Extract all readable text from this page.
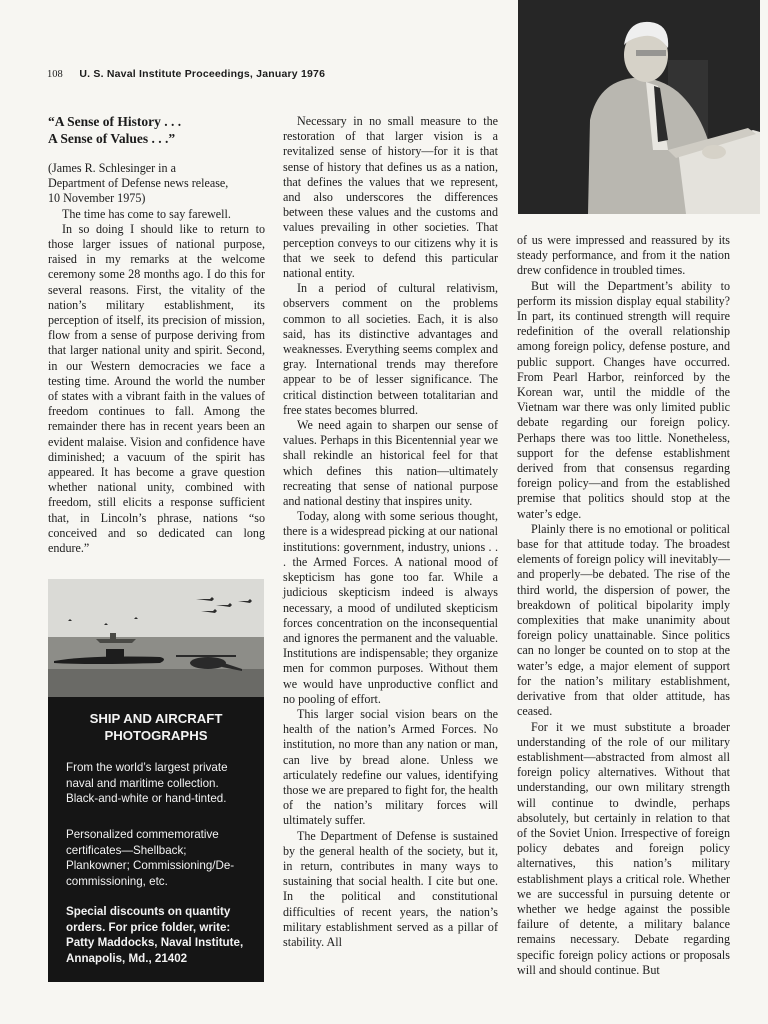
108 U. S. Naval Institute Proceedings, January 1976

“A Sense of History . . .
A Sense of Values . . .”

(James R. Schlesinger in a
Department of Defense news release,
10 November 1975)

The time has come to say farewell.

In so doing I should like to return to those larger issues of national purpose, raised in my remarks at the welcome ceremony some 28 months ago. I do this for several reasons. First, the vitality of the nation’s military establishment, its perception of itself, its precision of mission, flow from a sense of purpose deriving from that larger national unity and spirit. Second, in our Western democracies we face a testing time. Around the world the number of states with a vibrant faith in the values of freedom continues to fall. Among the remainder there has in recent years been an evident malaise. Vision and confidence have diminished; a vacuum of the spirit has appeared. It has become a grave question whether national unity, combined with freedom, still elicits a response sufficient that, in Lincoln’s phrase, nations “so conceived and so dedicated can long endure.”

SHIP AND AIRCRAFT
PHOTOGRAPHS
From the world’s largest private naval and maritime collection. Black-and-white or hand-tinted.
Personalized commemorative certificates—Shellback; Plankowner; Commissioning/De-commissioning, etc.
Special discounts on quantity orders. For price folder, write: Patty Maddocks, Naval Institute, Annapolis, Md., 21402

Necessary in no small measure to the restoration of that larger vision is a revitalized sense of history—for it is that sense of history that defines us as a nation, that defines the values that we represent, and also underscores the differences between these values and the customs and values prevailing in other societies. That perception conveys to our citizens why it is that we seek to defend this particular national entity.

In a period of cultural relativism, observers comment on the problems common to all societies. Each, it is also said, has its distinctive advantages and weaknesses. Everything seems complex and gray. International trends may therefore appear to be of lesser significance. The critical distinction between totalitarian and free states becomes blurred.

We need again to sharpen our sense of values. Perhaps in this Bicentennial year we shall rekindle an historical feel for that which defines this nation—ultimately recreating that sense of national purpose and national destiny that inspires unity.

Today, along with some serious thought, there is a widespread picking at our national institutions: government, industry, unions . . . the Armed Forces. A national mood of skepticism has gone too far. While a judicious skepticism indeed is always necessary, a mood of undiluted skepticism forces concentration on the inconsequential and ignores the permanent and the valuable. Institutions are indispensable; they organize men for common purposes. Without them we would have unproductive conflict and no pooling of effort.

This larger social vision bears on the health of the nation’s Armed Forces. No institution, no more than any nation or man, can live by bread alone. Unless we articulately redefine our values, identifying those we are prepared to fight for, the health of the nation’s military forces will ultimately suffer.

The Department of Defense is sustained by the general health of the society, but it, in return, contributes in many ways to sustaining that social health. I cite but one. In the political and constitutional difficulties of recent years, the nation’s military establishment served as a pillar of stability. All

of us were impressed and reassured by its steady performance, and from it the nation drew confidence in troubled times.

But will the Department’s ability to perform its mission display equal stability? In part, its continued strength will require redefinition of the overall relationship among foreign policy, defense posture, and public support. Changes have occurred. From Pearl Harbor, reinforced by the Korean war, until the middle of the Vietnam war there was only limited public debate regarding our foreign policy. Perhaps there was too little. Nonetheless, support for the defense establishment derived from that consensus regarding foreign policy—and from the established premise that politics should stop at the water’s edge.

Plainly there is no emotional or political base for that attitude today. The broadest elements of foreign policy will inevitably—and properly—be debated. The rise of the third world, the dispersion of power, the breakdown of political bipolarity imply complexities that make unanimity about foreign policy unattainable. Since politics can no longer be counted on to stop at the water’s edge, a major element of support for the nation’s military establishment, derivative from that older attitude, has ceased.

For it we must substitute a broader understanding of the role of our military establishment—abstracted from almost all foreign policy alternatives. Without that understanding, our own military strength will continue to dwindle, perhaps absolutely, but certainly in relation to that of the Soviet Union. Irrespective of foreign policy debates and foreign policy alternatives, this nation’s military establishment plays a critical role. Whether we are successful in pursuing detente or whether we hedge against the possible failure of detente, a military balance remains necessary. Debate regarding specific foreign policy actions or proposals will and should continue. But
